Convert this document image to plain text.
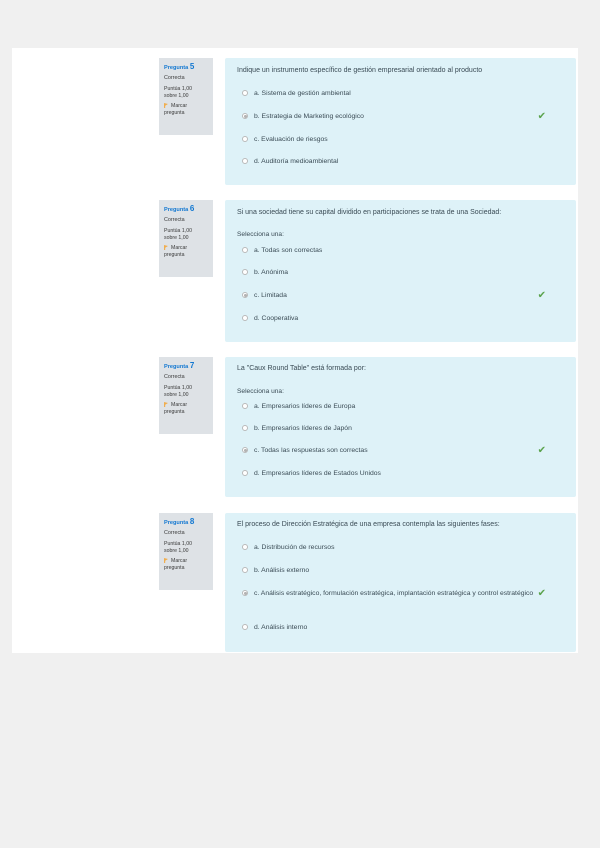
Pregunta 5
Correcta
Puntúa 1,00
sobre 1,00
Marcar pregunta
Indique un instrumento específico de gestión empresarial orientado al producto
a. Sistema de gestión ambiental
b. Estrategia de Marketing ecológico	✔
c. Evaluación de riesgos
d. Auditoría medioambiental
Pregunta 6
Correcta
Puntúa 1,00
sobre 1,00
Marcar pregunta
Si una sociedad tiene su capital dividido en participaciones se trata de una Sociedad:
Selecciona una:
a. Todas son correctas
b. Anónima
c. Limitada	✔
d. Cooperativa
Pregunta 7
Correcta
Puntúa 1,00
sobre 1,00
Marcar pregunta
La "Caux Round Table" está formada por:
Selecciona una:
a. Empresarios líderes de Europa
b. Empresarios líderes de Japón
c. Todas las respuestas son correctas	✔
d. Empresarios líderes de Estados Unidos
Pregunta 8
Correcta
Puntúa 1,00
sobre 1,00
Marcar pregunta
El proceso de Dirección Estratégica de una empresa contempla las siguientes fases:
a. Distribución de recursos
b. Análisis externo
c. Análisis estratégico, formulación estratégica, implantación estratégica y control estratégico ✔
d. Análisis interno
